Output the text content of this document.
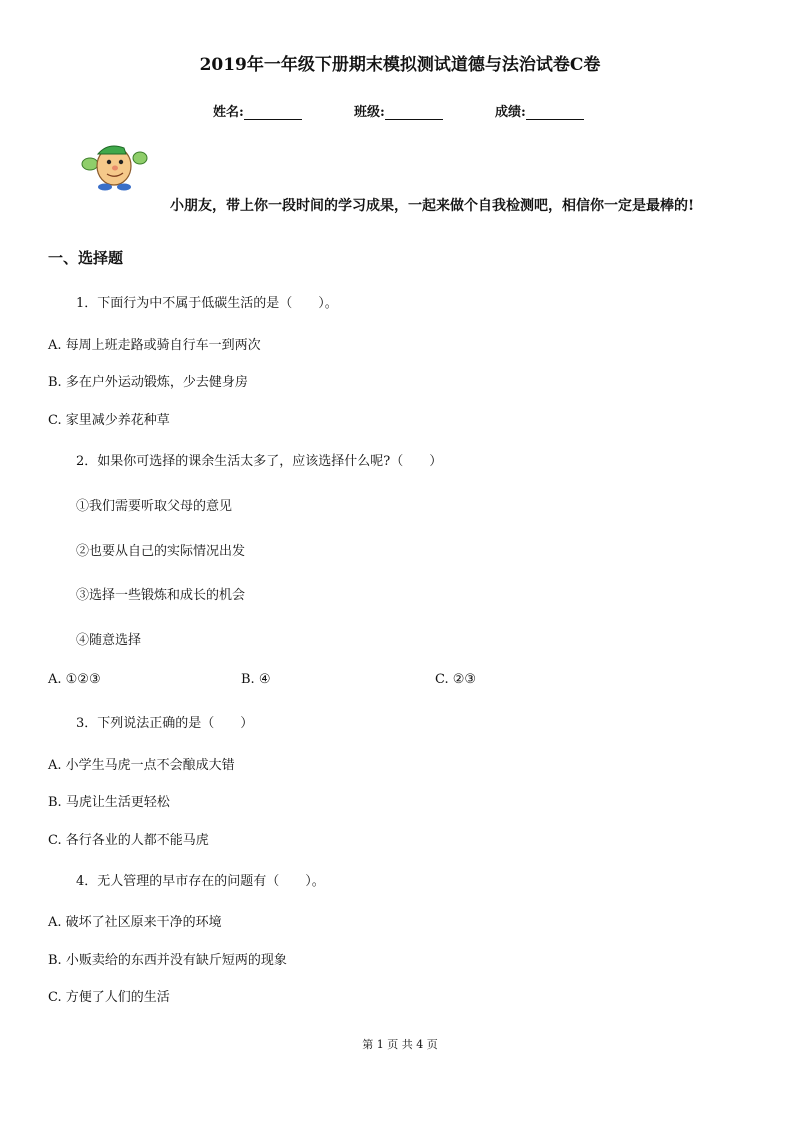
2019年一年级下册期末模拟测试道德与法治试卷C卷
姓名:	班级:	成绩:
小朋友，带上你一段时间的学习成果，一起来做个自我检测吧，相信你一定是最棒的!
一、选择题
1．下面行为中不属于低碳生活的是（　　）。
A. 每周上班走路或骑自行车一到两次
B. 多在户外运动锻炼，少去健身房
C. 家里减少养花种草
2．如果你可选择的课余生活太多了，应该选择什么呢?（　　）
①我们需要听取父母的意见
②也要从自己的实际情况出发
③选择一些锻炼和成长的机会
④随意选择
A. ①②③	B. ④	C. ②③
3．下列说法正确的是（　　）
A. 小学生马虎一点不会酿成大错
B. 马虎让生活更轻松
C. 各行各业的人都不能马虎
4．无人管理的早市存在的问题有（　　）。
A. 破坏了社区原来干净的环境
B. 小贩卖给的东西并没有缺斤短两的现象
C. 方便了人们的生活
第 1 页 共 4 页
